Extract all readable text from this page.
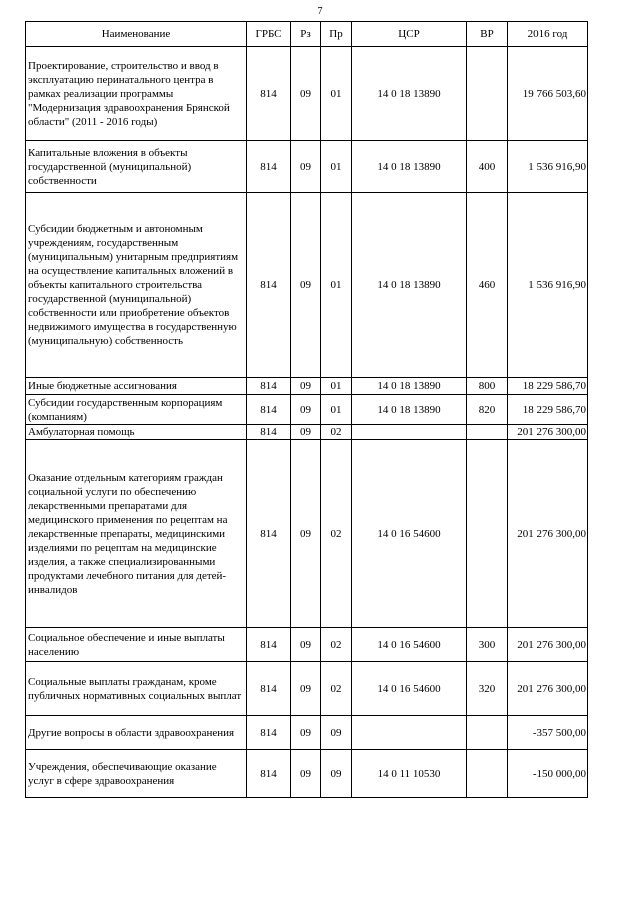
7
Наименование	ГРБС	Рз	Пр	ЦСР	ВР	2016 год
Проектирование, строительство и ввод в эксплуатацию перинатального центра в рамках реализации программы "Модернизация здравоохранения Брянской области" (2011 - 2016 годы)	814	09	01	14 0 18 13890		19 766 503,60
Капитальные вложения в объекты государственной (муниципальной) собственности	814	09	01	14 0 18 13890	400	1 536 916,90
Субсидии бюджетным и автономным учреждениям, государственным (муниципальным) унитарным предприятиям на осуществление капитальных вложений в объекты капитального строительства государственной (муниципальной) собственности или приобретение объектов недвижимого имущества в государственную (муниципальную) собственность	814	09	01	14 0 18 13890	460	1 536 916,90
Иные бюджетные ассигнования	814	09	01	14 0 18 13890	800	18 229 586,70
Субсидии государственным корпорациям (компаниям)	814	09	01	14 0 18 13890	820	18 229 586,70
Амбулаторная помощь	814	09	02			201 276 300,00
Оказание отдельным категориям граждан социальной услуги по обеспечению лекарственными препаратами для медицинского применения по рецептам на лекарственные препараты, медицинскими изделиями по рецептам на медицинские изделия, а также специализированными продуктами лечебного питания для детей-инвалидов	814	09	02	14 0 16 54600		201 276 300,00
Социальное обеспечение и иные выплаты населению	814	09	02	14 0 16 54600	300	201 276 300,00
Социальные выплаты гражданам, кроме публичных нормативных социальных выплат	814	09	02	14 0 16 54600	320	201 276 300,00
Другие вопросы в области здравоохранения	814	09	09			-357 500,00
Учреждения, обеспечивающие оказание услуг в сфере здравоохранения	814	09	09	14 0 11 10530		-150 000,00
